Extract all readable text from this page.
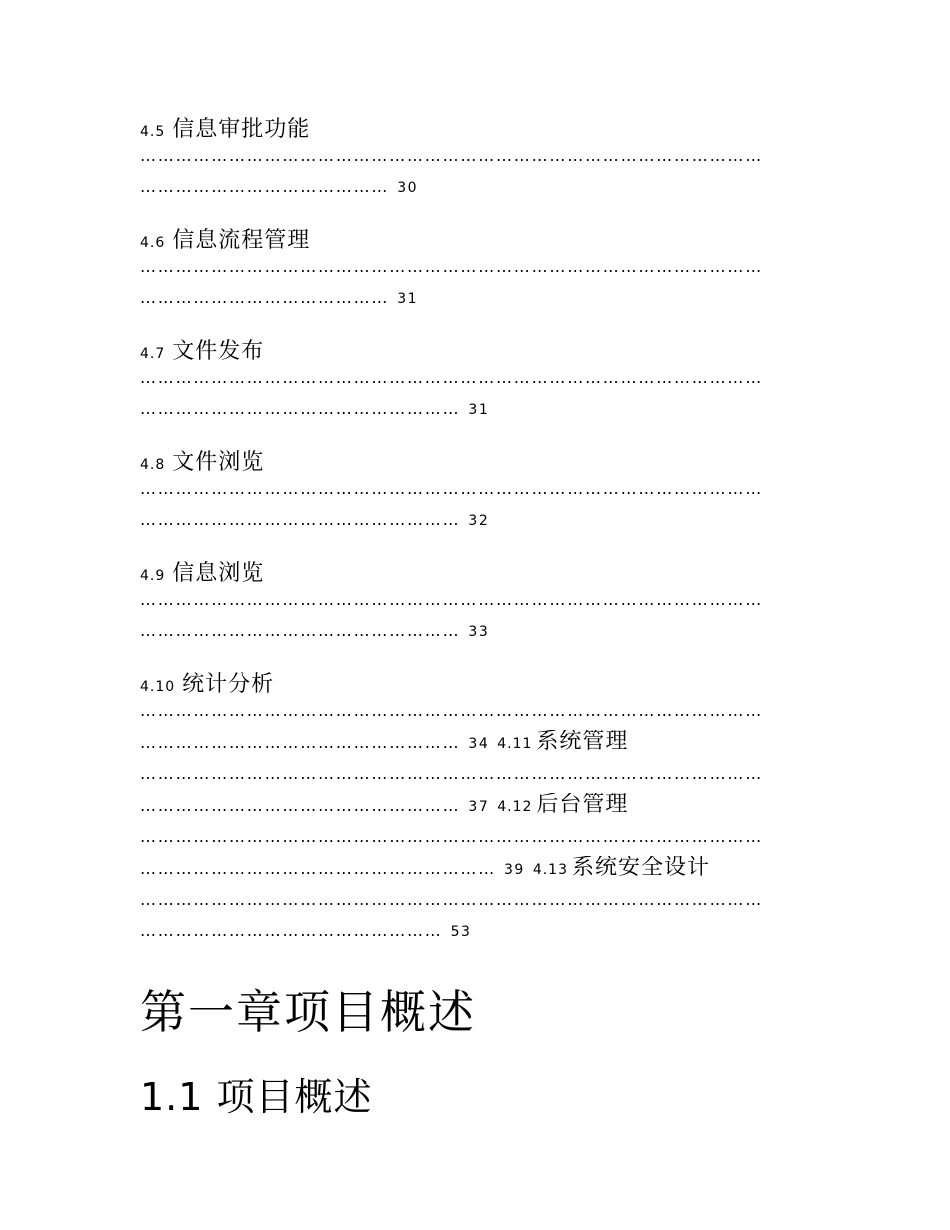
4.5 信息审批功能
……………………………………………………………………………………………
…………………………………… 30
4.6 信息流程管理
……………………………………………………………………………………………
…………………………………… 31
4.7 文件发布
……………………………………………………………………………………………
……………………………………………… 31
4.8 文件浏览
……………………………………………………………………………………………
……………………………………………… 32
4.9 信息浏览
……………………………………………………………………………………………
……………………………………………… 33
4.10 统计分析
……………………………………………………………………………………………
……………………………………………… 34 4.11 系统管理
……………………………………………………………………………………………
……………………………………………… 37 4.12 后台管理
……………………………………………………………………………………………
…………………………………………………… 39 4.13 系统安全设计
……………………………………………………………………………………………
…………………………………………… 53
第一章项目概述
1.1 项目概述
